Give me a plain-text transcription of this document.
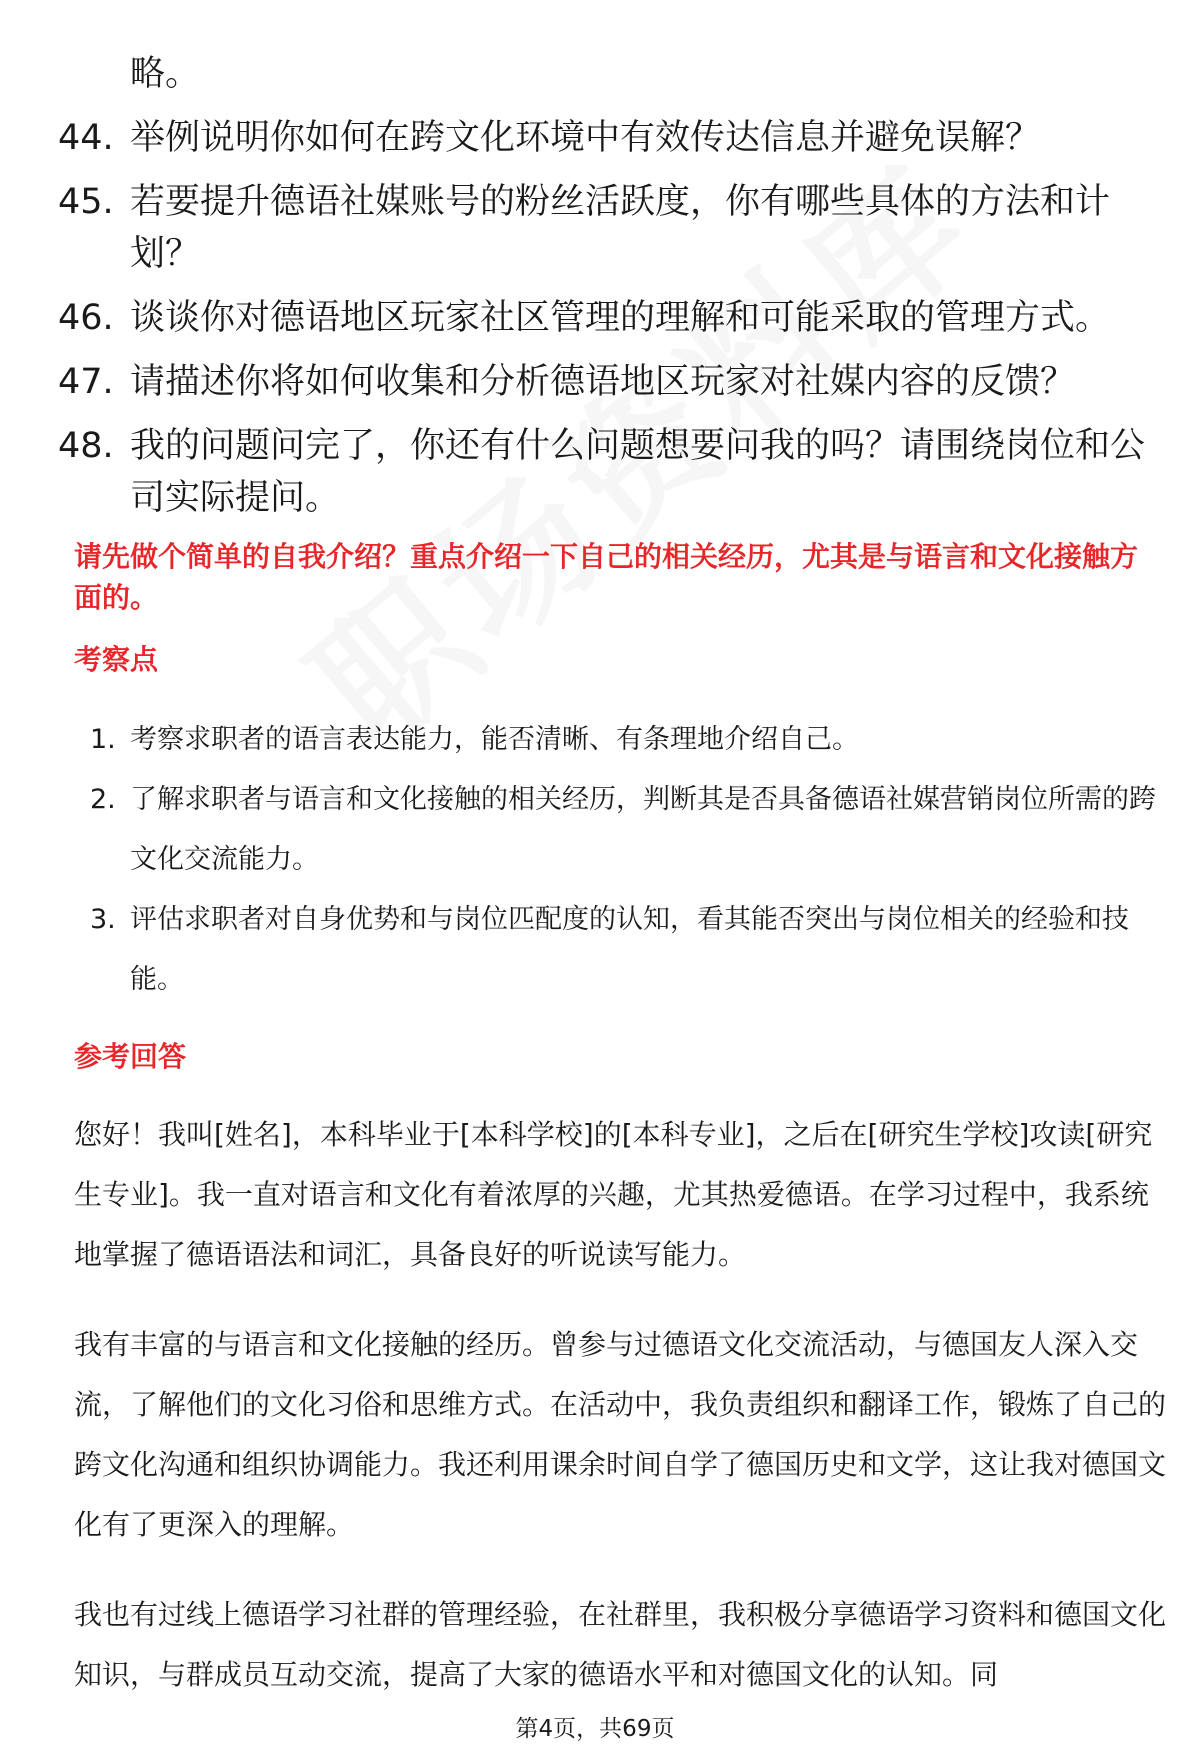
略。

44. 举例说明你如何在跨文化环境中有效传达信息并避免误解？
45. 若要提升德语社媒账号的粉丝活跃度，你有哪些具体的方法和计划？
46. 谈谈你对德语地区玩家社区管理的理解和可能采取的管理方式。
47. 请描述你将如何收集和分析德语地区玩家对社媒内容的反馈？
48. 我的问题问完了，你还有什么问题想要问我的吗？请围绕岗位和公司实际提问。

请先做个简单的自我介绍？重点介绍一下自己的相关经历，尤其是与语言和文化接触方面的。

考察点

1. 考察求职者的语言表达能力，能否清晰、有条理地介绍自己。
2. 了解求职者与语言和文化接触的相关经历，判断其是否具备德语社媒营销岗位所需的跨文化交流能力。
3. 评估求职者对自身优势和与岗位匹配度的认知，看其能否突出与岗位相关的经验和技能。

参考回答

您好！我叫[姓名]，本科毕业于[本科学校]的[本科专业]，之后在[研究生学校]攻读[研究生专业]。我一直对语言和文化有着浓厚的兴趣，尤其热爱德语。在学习过程中，我系统地掌握了德语语法和词汇，具备良好的听说读写能力。

我有丰富的与语言和文化接触的经历。曾参与过德语文化交流活动，与德国友人深入交流，了解他们的文化习俗和思维方式。在活动中，我负责组织和翻译工作，锻炼了自己的跨文化沟通和组织协调能力。我还利用课余时间自学了德国历史和文学，这让我对德国文化有了更深入的理解。

我也有过线上德语学习社群的管理经验，在社群里，我积极分享德语学习资料和德国文化知识，与群成员互动交流，提高了大家的德语水平和对德国文化的认知。同

第4页，共69页
